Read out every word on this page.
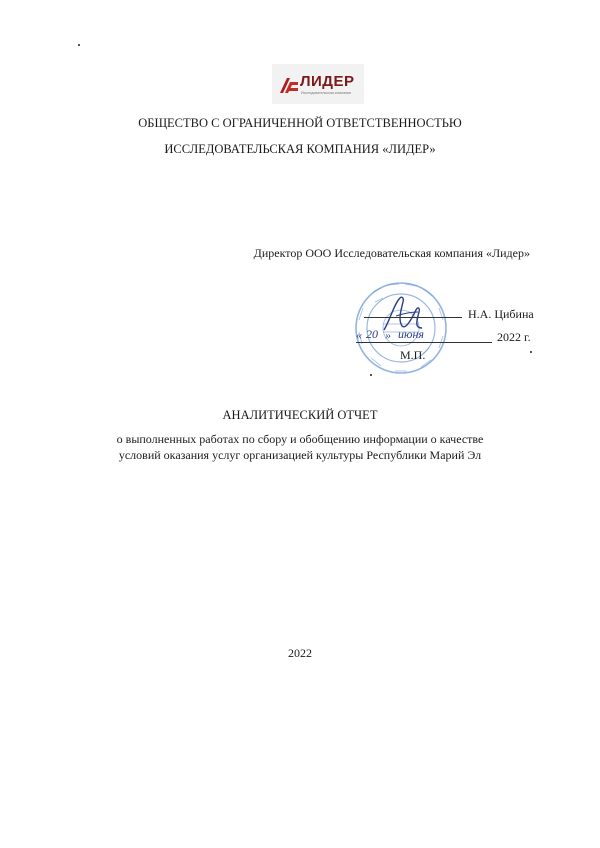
ЛИДЕР
Исследовательская компания
ОБЩЕСТВО С ОГРАНИЧЕННОЙ ОТВЕТСТВЕННОСТЬЮ
ИССЛЕДОВАТЕЛЬСКАЯ КОМПАНИЯ «ЛИДЕР»
Директор ООО Исследовательская компания «Лидер»
Н.А. Цибина
« 20 » июня	2022 г.
М.П.
АНАЛИТИЧЕСКИЙ ОТЧЕТ
о выполненных работах по сбору и обобщению информации о качестве
условий оказания услуг организацией культуры Республики Марий Эл
2022
